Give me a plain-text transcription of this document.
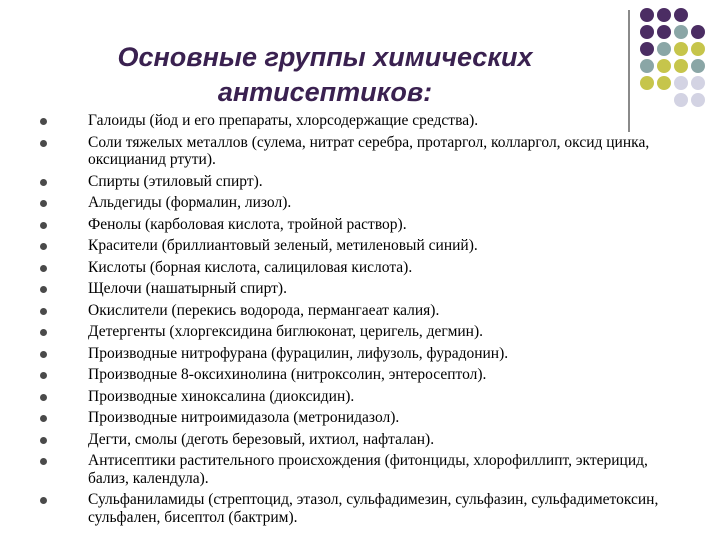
Основные группы химических
антисептиков:
Галоиды (йод и его препараты, хлорсодержащие средства).
Соли тяжелых металлов (сулема, нитрат серебра, протаргол, колларгол, оксид цинка, оксицианид ртути).
Спирты (этиловый спирт).
Альдегиды (формалин, лизол).
Фенолы (карболовая кислота, тройной раствор).
Красители (бриллиантовый зеленый, метиленовый синий).
Кислоты (борная кислота, салициловая кислота).
Щелочи (нашатырный спирт).
Окислители (перекись водорода, пермангаеат калия).
Детергенты (хлоргексидина биглюконат, церигель, дегмин).
Производные нитрофурана (фурацилин, лифузоль, фурадонин).
Производные 8-оксихинолина (нитроксолин, энтеросептол).
Производные хиноксалина (диоксидин).
Производные нитроимидазола (метронидазол).
Дегти, смолы (деготь березовый, ихтиол, нафталан).
Антисептики растительного происхождения (фитонциды, хлорофиллипт, эктерицид, бализ, календула).
Сульфаниламиды (стрептоцид, этазол, сульфадимезин, сульфазин, сульфадиметоксин, сульфален, бисептол (бактрим).
